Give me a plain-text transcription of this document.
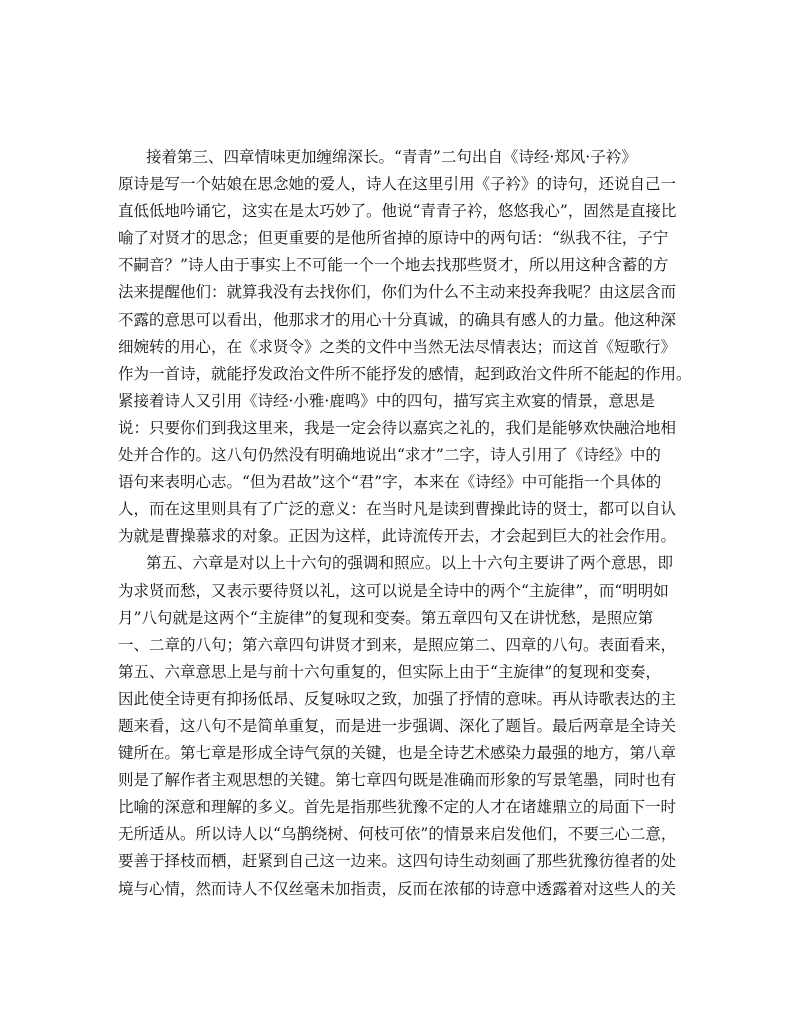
接着第三、四章情味更加缠绵深长。“青青”二句出自《诗经·郑风·子衿》
原诗是写一个姑娘在思念她的爱人，诗人在这里引用《子衿》的诗句，还说自己一
直低低地吟诵它，这实在是太巧妙了。他说“青青子衿，悠悠我心”，固然是直接比
喻了对贤才的思念；但更重要的是他所省掉的原诗中的两句话：“纵我不往，子宁
不嗣音？”诗人由于事实上不可能一个一个地去找那些贤才，所以用这种含蓄的方
法来提醒他们：就算我没有去找你们，你们为什么不主动来投奔我呢？由这层含而
不露的意思可以看出，他那求才的用心十分真诚，的确具有感人的力量。他这种深
细婉转的用心，在《求贤令》之类的文件中当然无法尽情表达；而这首《短歌行》
作为一首诗，就能抒发政治文件所不能抒发的感情，起到政治文件所不能起的作用。
紧接着诗人又引用《诗经·小雅·鹿鸣》中的四句，描写宾主欢宴的情景，意思是
说：只要你们到我这里来，我是一定会待以嘉宾之礼的，我们是能够欢快融洽地相
处并合作的。这八句仍然没有明确地说出“求才”二字，诗人引用了《诗经》中的
语句来表明心志。“但为君故”这个“君”字，本来在《诗经》中可能指一个具体的
人，而在这里则具有了广泛的意义：在当时凡是读到曹操此诗的贤士，都可以自认
为就是曹操慕求的对象。正因为这样，此诗流传开去，才会起到巨大的社会作用。
第五、六章是对以上十六句的强调和照应。以上十六句主要讲了两个意思，即
为求贤而愁，又表示要待贤以礼，这可以说是全诗中的两个“主旋律”，而“明明如
月”八句就是这两个“主旋律”的复现和变奏。第五章四句又在讲忧愁，是照应第
一、二章的八句；第六章四句讲贤才到来，是照应第二、四章的八句。表面看来，
第五、六章意思上是与前十六句重复的，但实际上由于“主旋律”的复现和变奏，
因此使全诗更有抑扬低昂、反复咏叹之致，加强了抒情的意味。再从诗歌表达的主
题来看，这八句不是简单重复，而是进一步强调、深化了题旨。最后两章是全诗关
键所在。第七章是形成全诗气氛的关键，也是全诗艺术感染力最强的地方，第八章
则是了解作者主观思想的关键。第七章四句既是准确而形象的写景笔墨，同时也有
比喻的深意和理解的多义。首先是指那些犹豫不定的人才在诸雄鼎立的局面下一时
无所适从。所以诗人以“乌鹊绕树、何枝可依”的情景来启发他们，不要三心二意，
要善于择枝而栖，赶紧到自己这一边来。这四句诗生动刻画了那些犹豫彷徨者的处
境与心情，然而诗人不仅丝毫未加指责，反而在浓郁的诗意中透露着对这些人的关
